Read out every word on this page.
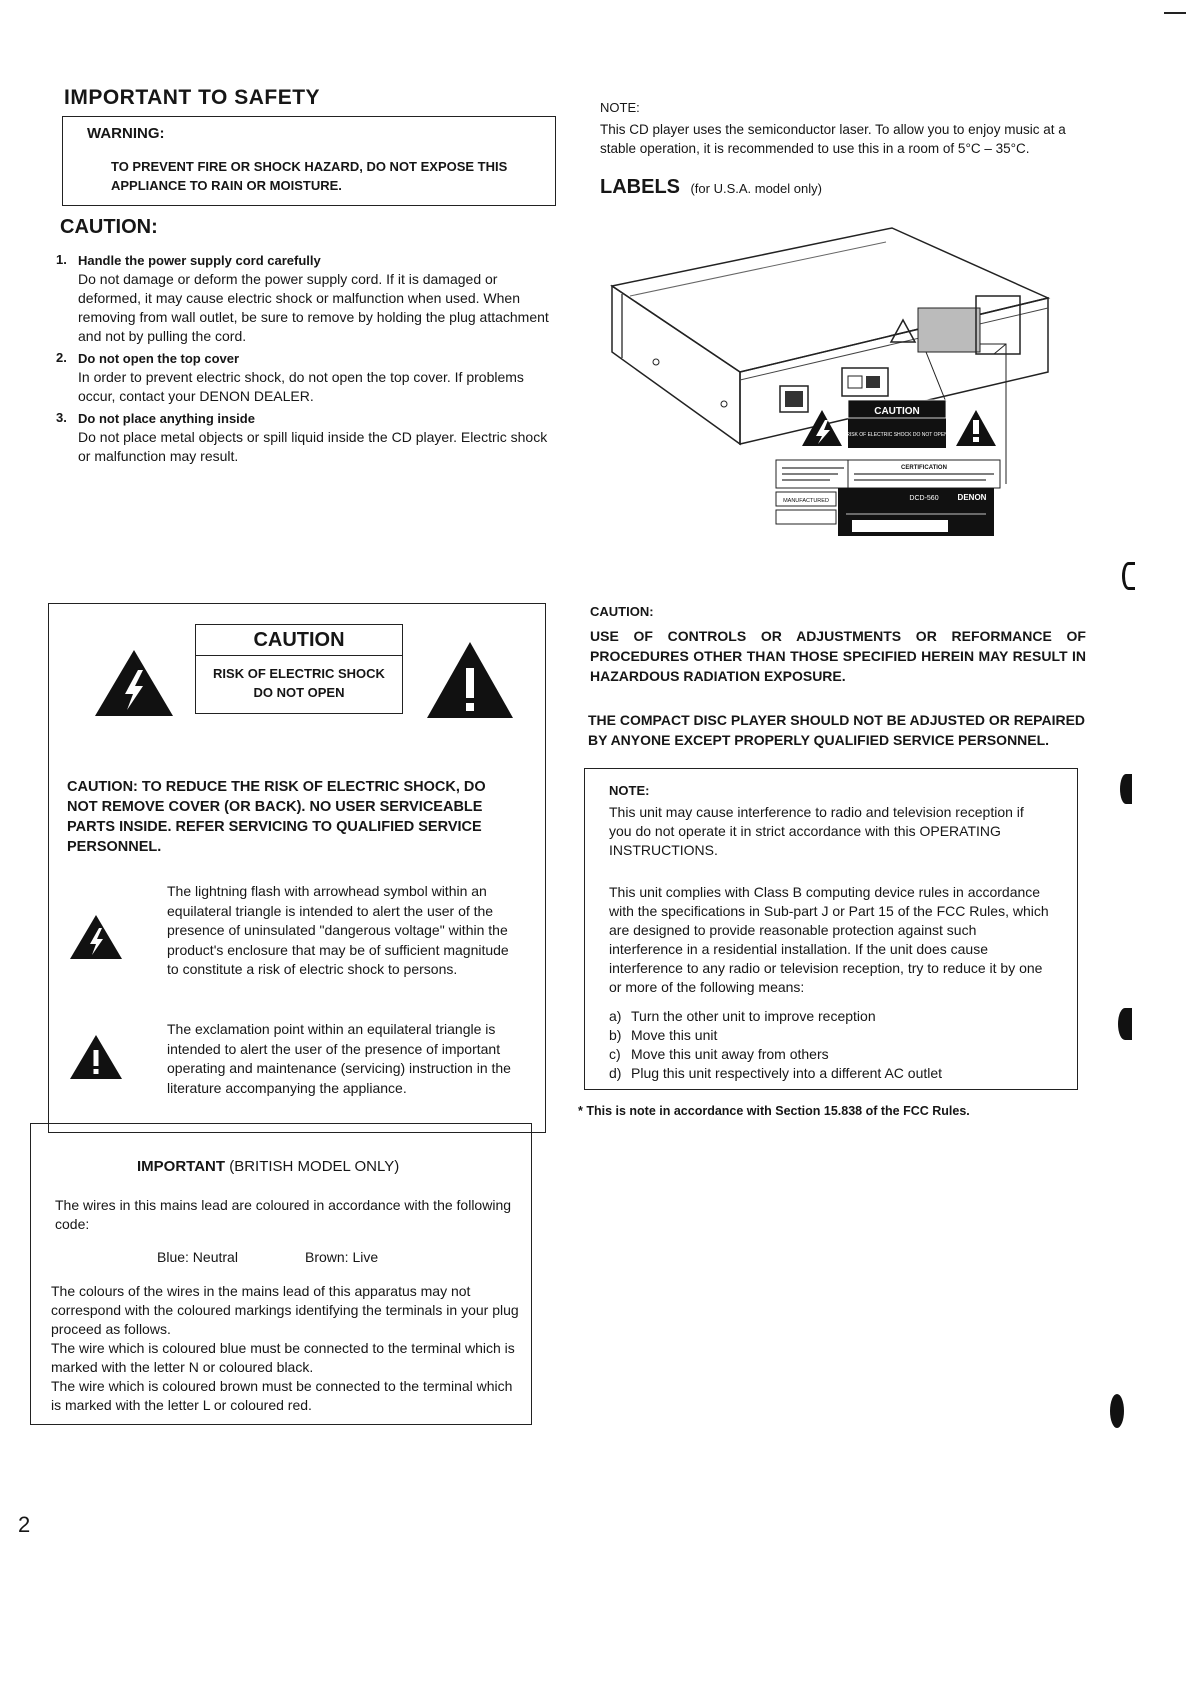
IMPORTANT TO SAFETY
WARNING:
TO PREVENT FIRE OR SHOCK HAZARD, DO NOT EXPOSE THIS APPLIANCE TO RAIN OR MOISTURE.
CAUTION:
1. Handle the power supply cord carefully
Do not damage or deform the power supply cord. If it is damaged or deformed, it may cause electric shock or malfunction when used. When removing from wall outlet, be sure to remove by holding the plug attachment and not by pulling the cord.
2. Do not open the top cover
In order to prevent electric shock, do not open the top cover. If problems occur, contact your DENON DEALER.
3. Do not place anything inside
Do not place metal objects or spill liquid inside the CD player. Electric shock or malfunction may result.
CAUTION
RISK OF ELECTRIC SHOCK
DO NOT OPEN
CAUTION: TO REDUCE THE RISK OF ELECTRIC SHOCK, DO NOT REMOVE COVER (OR BACK). NO USER SERVICEABLE PARTS INSIDE. REFER SERVICING TO QUALIFIED SERVICE PERSONNEL.
The lightning flash with arrowhead symbol within an equilateral triangle is intended to alert the user of the presence of uninsulated "dangerous voltage" within the product's enclosure that may be of sufficient magnitude to constitute a risk of electric shock to persons.
The exclamation point within an equilateral triangle is intended to alert the user of the presence of important operating and maintenance (servicing) instruction in the literature accompanying the appliance.
IMPORTANT (BRITISH MODEL ONLY)
The wires in this mains lead are coloured in accordance with the following code:
Blue: Neutral	Brown: Live

The colours of the wires in the mains lead of this apparatus may not correspond with the coloured markings identifying the terminals in your plug proceed as follows.

The wire which is coloured blue must be connected to the terminal which is marked with the letter N or coloured black.

The wire which is coloured brown must be connected to the terminal which is marked with the letter L or coloured red.

2
NOTE:
This CD player uses the semiconductor laser. To allow you to enjoy music at a stable operation, it is recommended to use this in a room of 5°C – 35°C.
LABELS (for U.S.A. model only)
CAUTION
RISK OF ELECTRIC SHOCK DO NOT OPEN
CERTIFICATION
MANUFACTURED	DCD-560 DENON
CAUTION:
USE OF CONTROLS OR ADJUSTMENTS OR REFORMANCE OF PROCEDURES OTHER THAN THOSE SPECIFIED HEREIN MAY RESULT IN HAZARDOUS RADIATION EXPOSURE.
THE COMPACT DISC PLAYER SHOULD NOT BE ADJUSTED OR REPAIRED BY ANYONE EXCEPT PROPERLY QUALIFIED SERVICE PERSONNEL.
NOTE:
This unit may cause interference to radio and television reception if you do not operate it in strict accordance with this OPERATING INSTRUCTIONS.
This unit complies with Class B computing device rules in accordance with the specifications in Sub-part J or Part 15 of the FCC Rules, which are designed to provide reasonable protection against such interference in a residential installation. If the unit does cause interference to any radio or television reception, try to reduce it by one or more of the following means:
a) Turn the other unit to improve reception
b) Move this unit
c) Move this unit away from others
d) Plug this unit respectively into a different AC outlet
* This is note in accordance with Section 15.838 of the FCC Rules.
